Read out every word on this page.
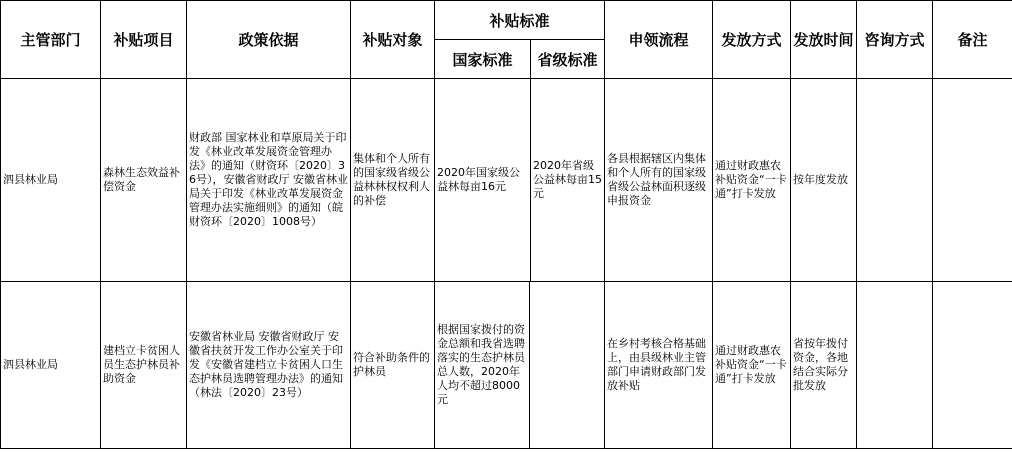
主管部门	补贴项目	政策依据	补贴对象	补贴标准		申领流程	发放方式	发放时间	咨询方式	备注
				国家标准	省级标准					
泗县林业局	森林生态效益补偿资金	财政部 国家林业和草原局关于印发《林业改革发展资金管理办法》的通知（财资环〔2020〕36号），安徽省财政厅 安徽省林业局关于印发《林业改革发展资金管理办法实施细则》的通知（皖财资环〔2020〕1008号）	集体和个人所有的国家级省级公益林林权权利人的补偿	2020年国家级公益林每亩16元	2020年省级公益林每亩15元	各县根据辖区内集体和个人所有的国家级省级公益林面积逐级申报资金	通过财政惠农补贴资金“一卡通”打卡发放	按年度发放		
泗县林业局	建档立卡贫困人员生态护林员补助资金	安徽省林业局 安徽省财政厅 安徽省扶贫开发工作办公室关于印发《安徽省建档立卡贫困人口生态护林员选聘管理办法》的通知（林法〔2020〕23号）	符合补助条件的护林员	根据国家拨付的资金总额和我省选聘落实的生态护林员总人数，2020年人均不超过8000元		在乡村考核合格基础上，由县级林业主管部门申请财政部门发放补贴	通过财政惠农补贴资金“一卡通”打卡发放	省按年拨付资金，各地结合实际分批发放		
